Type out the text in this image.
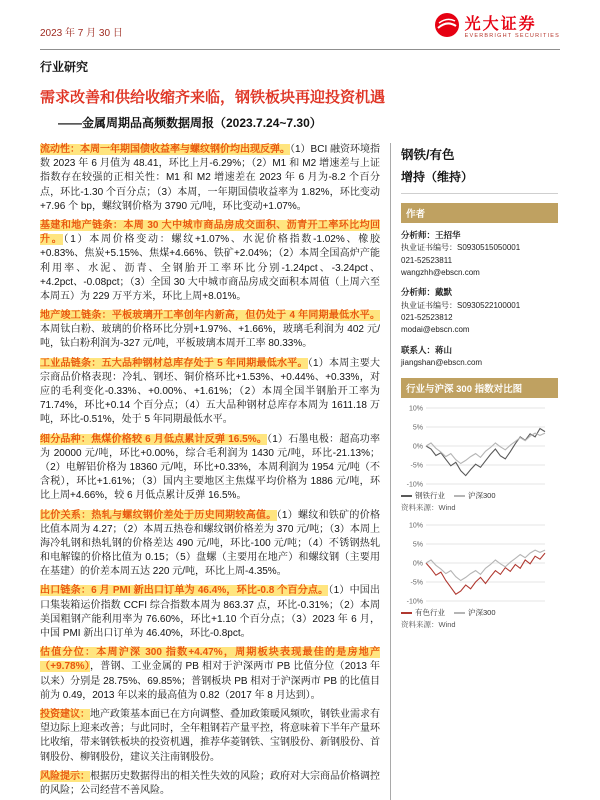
2023 年 7 月 30 日
光大证券
EVERBRIGHT SECURITIES
行业研究
需求改善和供给收缩齐来临，钢铁板块再迎投资机遇
——金属周期品高频数据周报（2023.7.24~7.30）

流动性：本周一年期国债收益率与螺纹钢价均出现反弹。（1）BCI 融资环境指数 2023 年 6 月值为 48.41，环比上月-6.29%；（2）M1 和 M2 增速差与上证指数存在较强的正相关性：M1 和 M2 增速差在 2023 年 6 月为-8.2 个百分点，环比-1.30 个百分点；（3）本周，一年期国债收益率为 1.82%，环比变动+7.96 个 bp，螺纹钢价格为 3790 元/吨，环比变动+1.07%。

基建和地产链条：本周 30 大中城市商品房成交面积、沥青开工率环比均回升。（1）本周价格变动：螺纹+1.07%、水泥价格指数-1.02%、橡胶+0.83%、焦炭+5.15%、焦煤+4.66%、铁矿+2.04%；（2）本周全国高炉产能利用率、水泥、沥青、全钢胎开工率环比分别-1.24pct、-3.24pct、+4.2pct、-0.08pct；（3）全国 30 大中城市商品房成交面积本周值（上周六至本周五）为 229 万平方米，环比上周+8.01%。

地产竣工链条：平板玻璃开工率创年内新高，但仍处于 4 年同期最低水平。本周钛白粉、玻璃的价格环比分别+1.97%、+1.66%，玻璃毛利润为 402 元/吨，钛白粉利润为-327 元/吨，平板玻璃本周开工率 80.33%。

工业品链条：五大品种钢材总库存处于 5 年同期最低水平。（1）本周主要大宗商品价格表现：冷轧、钢坯、铜价格环比+1.53%、+0.44%、+0.33%，对应的毛利变化-0.33%、+0.00%、+1.61%；（2）本周全国半钢胎开工率为 71.74%，环比+0.14 个百分点；（4）五大品种钢材总库存本周为 1611.18 万吨，环比-0.51%，处于 5 年同期最低水平。

细分品种：焦煤价格较 6 月低点累计反弹 16.5%。（1）石墨电极：超高功率为 20000 元/吨，环比+0.00%，综合毛利润为 1430 元/吨，环比-21.13%；（2）电解铝价格为 18360 元/吨，环比+0.33%，本周利润为 1954 元/吨（不含税），环比+1.61%；（3）国内主要地区主焦煤平均价格为 1886 元/吨，环比上周+4.66%，较 6 月低点累计反弹 16.5%。

比价关系：热轧与螺纹钢价差处于历史同期较高值。（1）螺纹和铁矿的价格比值本周为 4.27；（2）本周五热卷和螺纹钢价格差为 370 元/吨；（3）本周上海冷轧钢和热轧钢的价格差达 490 元/吨，环比-100 元/吨；（4）不锈钢热轧和电解镍的价格比值为 0.15；（5）盘螺（主要用在地产）和螺纹钢（主要用在基建）的价差本周五达 220 元/吨，环比上周-4.35%。

出口链条：6 月 PMI 新出口订单为 46.4%，环比-0.8 个百分点。（1）中国出口集装箱运价指数 CCFI 综合指数本周为 863.37 点，环比-0.31%；（2）本周美国粗钢产能利用率为 76.60%，环比+1.10 个百分点；（3）2023 年 6 月，中国 PMI 新出口订单为 46.40%，环比-0.8pct。

估值分位：本周沪深 300 指数+4.47%，周期板块表现最佳的是房地产（+9.78%），普钢、工业金属的 PB 相对于沪深两市 PB 比值分位（2013 年以来）分别是 28.75%、69.85%；普钢板块 PB 相对于沪深两市 PB 的比值目前为 0.49，2013 年以来的最高值为 0.82（2017 年 8 月达到）。

投资建议：地产政策基本面已在方向调整、叠加政策暖风频吹，钢铁业需求有望边际上迎来改善；与此同时，全年粗钢若产量平控，将意味着下半年产量环比收缩，带来钢铁板块的投资机遇，推荐华菱钢铁、宝钢股份、新钢股份、首钢股份、柳钢股份，建议关注南钢股份。

风险提示：根据历史数据得出的相关性失效的风险；政府对大宗商品价格调控的风险；公司经营不善风险。

钢铁/有色
增持（维持）
作者
分析师：王招华
执业证书编号：S0930515050001
021-52523811
wangzhh@ebscn.com
分析师：戴默
执业证书编号：S0930522100001
021-52523812
modai@ebscn.com
联系人：蒋山
jiangshan@ebscn.com
行业与沪深 300 指数对比图
10%
5%
0%
-5%
-10%
钢铁行业	沪深300
资料来源：Wind
10%
5%
0%
-5%
-10%
有色行业	沪深300
资料来源：Wind
